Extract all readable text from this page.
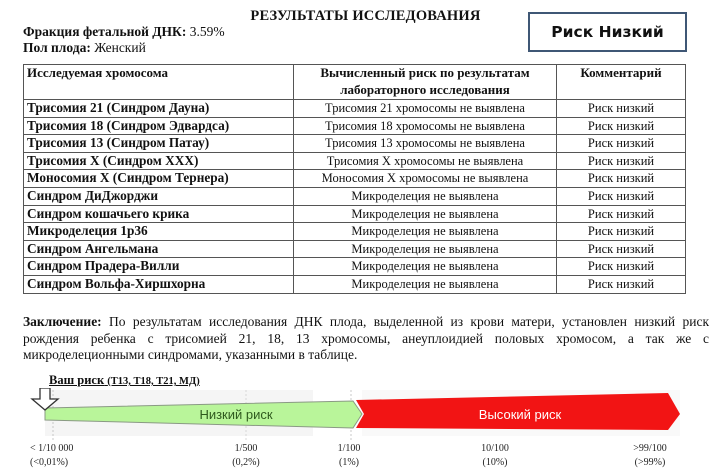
РЕЗУЛЬТАТЫ ИССЛЕДОВАНИЯ
Фракция фетальной ДНК: 3.59%
Пол плода: Женский
Риск Низкий
Исследуемая хромосома	Вычисленный риск по результатам лабораторного исследования	Комментарий
Трисомия 21 (Синдром Дауна)	Трисомия 21 хромосомы не выявлена	Риск низкий
Трисомия 18 (Синдром Эдвардса)	Трисомия 18 хромосомы не выявлена	Риск низкий
Трисомия 13 (Синдром Патау)	Трисомия 13 хромосомы не выявлена	Риск низкий
Трисомия Х (Синдром ХХХ)	Трисомия Х хромосомы не выявлена	Риск низкий
Моносомия Х (Синдром Тернера)	Моносомия Х хромосомы не выявлена	Риск низкий
Синдром ДиДжорджи	Микроделеция не выявлена	Риск низкий
Синдром кошачьего крика	Микроделеция не выявлена	Риск низкий
Микроделеция 1p36	Микроделеция не выявлена	Риск низкий
Синдром Ангельмана	Микроделеция не выявлена	Риск низкий
Синдром Прадера-Вилли	Микроделеция не выявлена	Риск низкий
Синдром Вольфа-Хиршхорна	Микроделеция не выявлена	Риск низкий
Заключение: По результатам исследования ДНК плода, выделенной из крови матери, установлен низкий риск рождения ребенка с трисомией 21, 18, 13 хромосомы, анеуплоидией половых хромосом, а так же с микроделеционными синдромами, указанными в таблице.
Ваш риск (Т13, Т18, Т21, МД)
Низкий риск	Высокий риск
< 1/10 000
(<0,01%)
1/500
(0,2%)
1/100
(1%)
10/100
(10%)
>99/100
(>99%)
